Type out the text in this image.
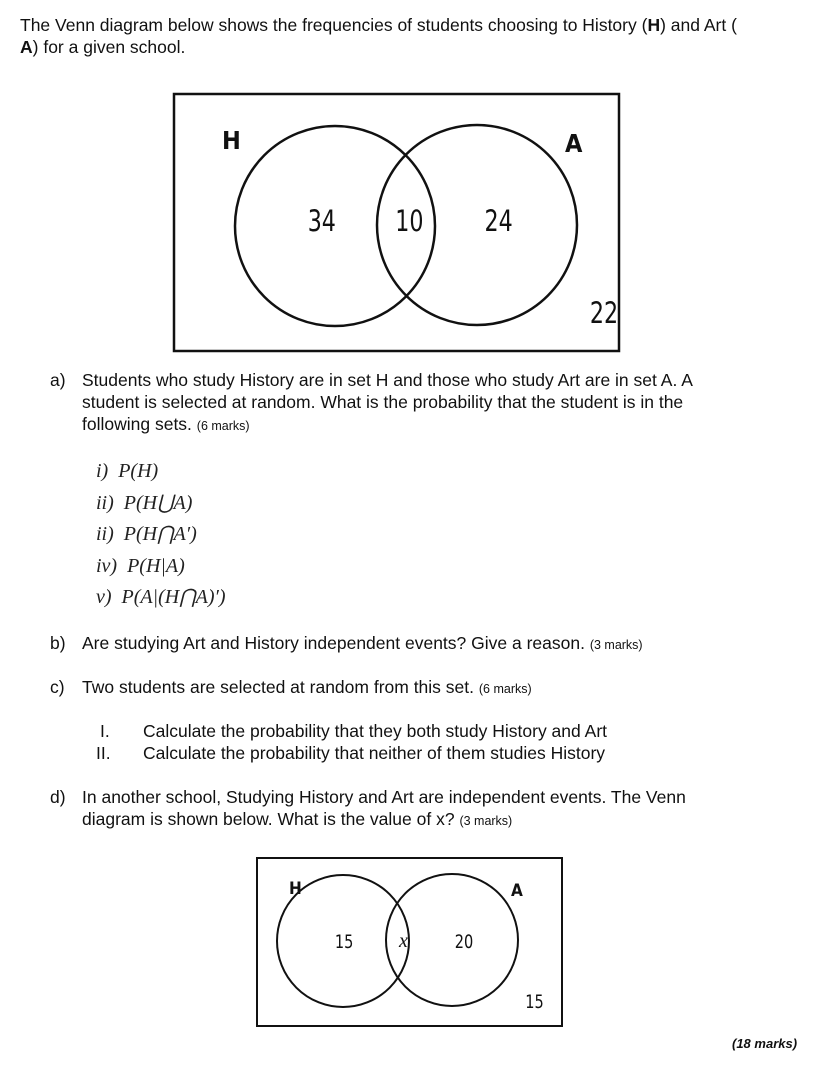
The Venn diagram below shows the frequencies of students choosing to History (H) and Art (
A) for a given school.
H	A
34 10 24
22
a) Students who study History are in set H and those who study Art are in set A. A
student is selected at random. What is the probability that the student is in the
following sets. (6 marks)
i) P(H)
ii) P(H⋃A)
ii) P(H⋂A′)
iv) P(H|A)
v) P(A|(H⋂A)′)
b) Are studying Art and History independent events? Give a reason. (3 marks)
c) Two students are selected at random from this set. (6 marks)
I. Calculate the probability that they both study History and Art
II. Calculate the probability that neither of them studies History
d) In another school, Studying History and Art are independent events. The Venn
diagram is shown below. What is the value of x? (3 marks)
H	A
15 x 20
15
(18 marks)
